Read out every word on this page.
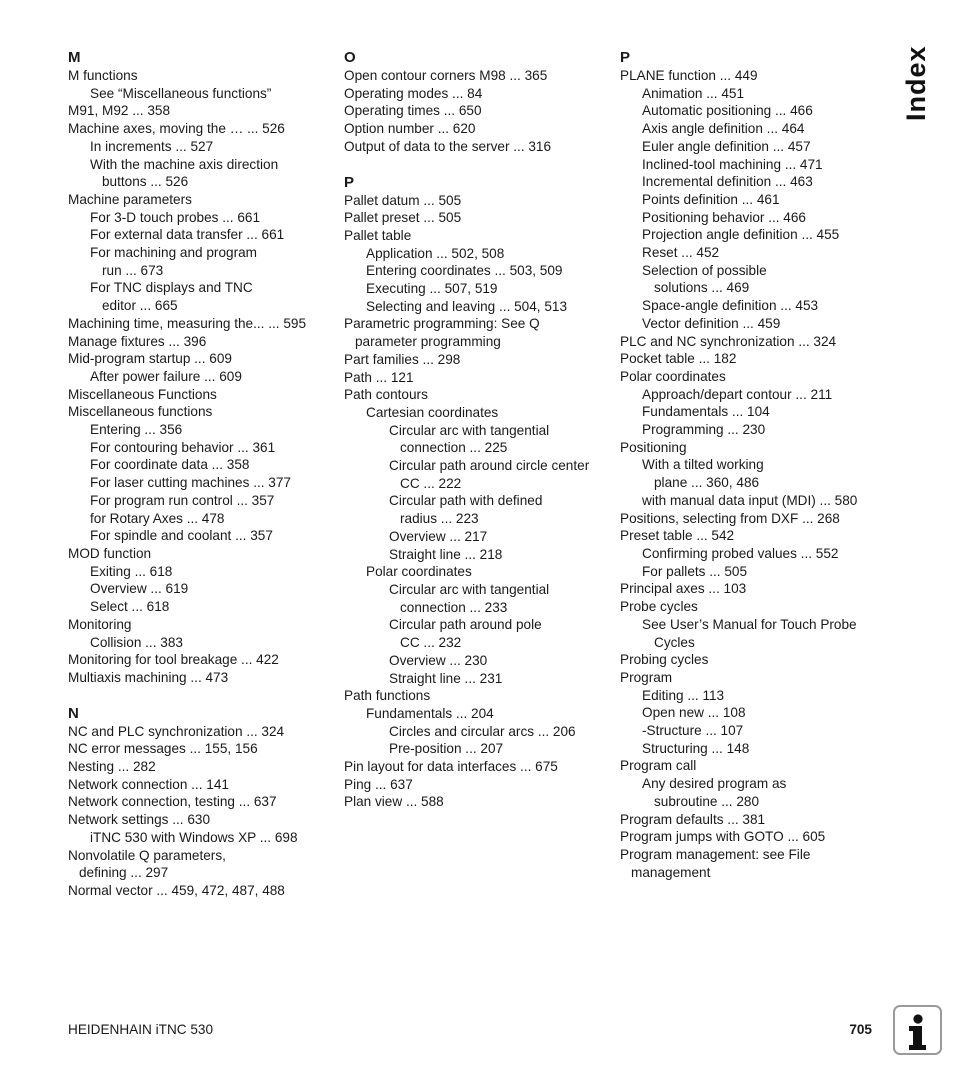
M
M functions
See “Miscellaneous functions”
M91, M92 ... 358
Machine axes, moving the … ... 526
In increments ... 527
With the machine axis direction
buttons ... 526
Machine parameters
For 3-D touch probes ... 661
For external data transfer ... 661
For machining and program
run ... 673
For TNC displays and TNC
editor ... 665
Machining time, measuring the... ... 595
Manage fixtures ... 396
Mid-program startup ... 609
After power failure ... 609
Miscellaneous Functions
Miscellaneous functions
Entering ... 356
For contouring behavior ... 361
For coordinate data ... 358
For laser cutting machines ... 377
For program run control ... 357
for Rotary Axes ... 478
For spindle and coolant ... 357
MOD function
Exiting ... 618
Overview ... 619
Select ... 618
Monitoring
Collision ... 383
Monitoring for tool breakage ... 422
Multiaxis machining ... 473
N
NC and PLC synchronization ... 324
NC error messages ... 155, 156
Nesting ... 282
Network connection ... 141
Network connection, testing ... 637
Network settings ... 630
iTNC 530 with Windows XP ... 698
Nonvolatile Q parameters,
defining ... 297
Normal vector ... 459, 472, 487, 488
O
Open contour corners M98 ... 365
Operating modes ... 84
Operating times ... 650
Option number ... 620
Output of data to the server ... 316
P
Pallet datum ... 505
Pallet preset ... 505
Pallet table
Application ... 502, 508
Entering coordinates ... 503, 509
Executing ... 507, 519
Selecting and leaving ... 504, 513
Parametric programming: See Q
parameter programming
Part families ... 298
Path ... 121
Path contours
Cartesian coordinates
Circular arc with tangential
connection ... 225
Circular path around circle center
CC ... 222
Circular path with defined
radius ... 223
Overview ... 217
Straight line ... 218
Polar coordinates
Circular arc with tangential
connection ... 233
Circular path around pole
CC ... 232
Overview ... 230
Straight line ... 231
Path functions
Fundamentals ... 204
Circles and circular arcs ... 206
Pre-position ... 207
Pin layout for data interfaces ... 675
Ping ... 637
Plan view ... 588
P
PLANE function ... 449
Animation ... 451
Automatic positioning ... 466
Axis angle definition ... 464
Euler angle definition ... 457
Inclined-tool machining ... 471
Incremental definition ... 463
Points definition ... 461
Positioning behavior ... 466
Projection angle definition ... 455
Reset ... 452
Selection of possible
solutions ... 469
Space-angle definition ... 453
Vector definition ... 459
PLC and NC synchronization ... 324
Pocket table ... 182
Polar coordinates
Approach/depart contour ... 211
Fundamentals ... 104
Programming ... 230
Positioning
With a tilted working
plane ... 360, 486
with manual data input (MDI) ... 580
Positions, selecting from DXF ... 268
Preset table ... 542
Confirming probed values ... 552
For pallets ... 505
Principal axes ... 103
Probe cycles
See User’s Manual for Touch Probe
Cycles
Probing cycles
Program
Editing ... 113
Open new ... 108
-Structure ... 107
Structuring ... 148
Program call
Any desired program as
subroutine ... 280
Program defaults ... 381
Program jumps with GOTO ... 605
Program management: see File
management
Index
HEIDENHAIN iTNC 530	705
